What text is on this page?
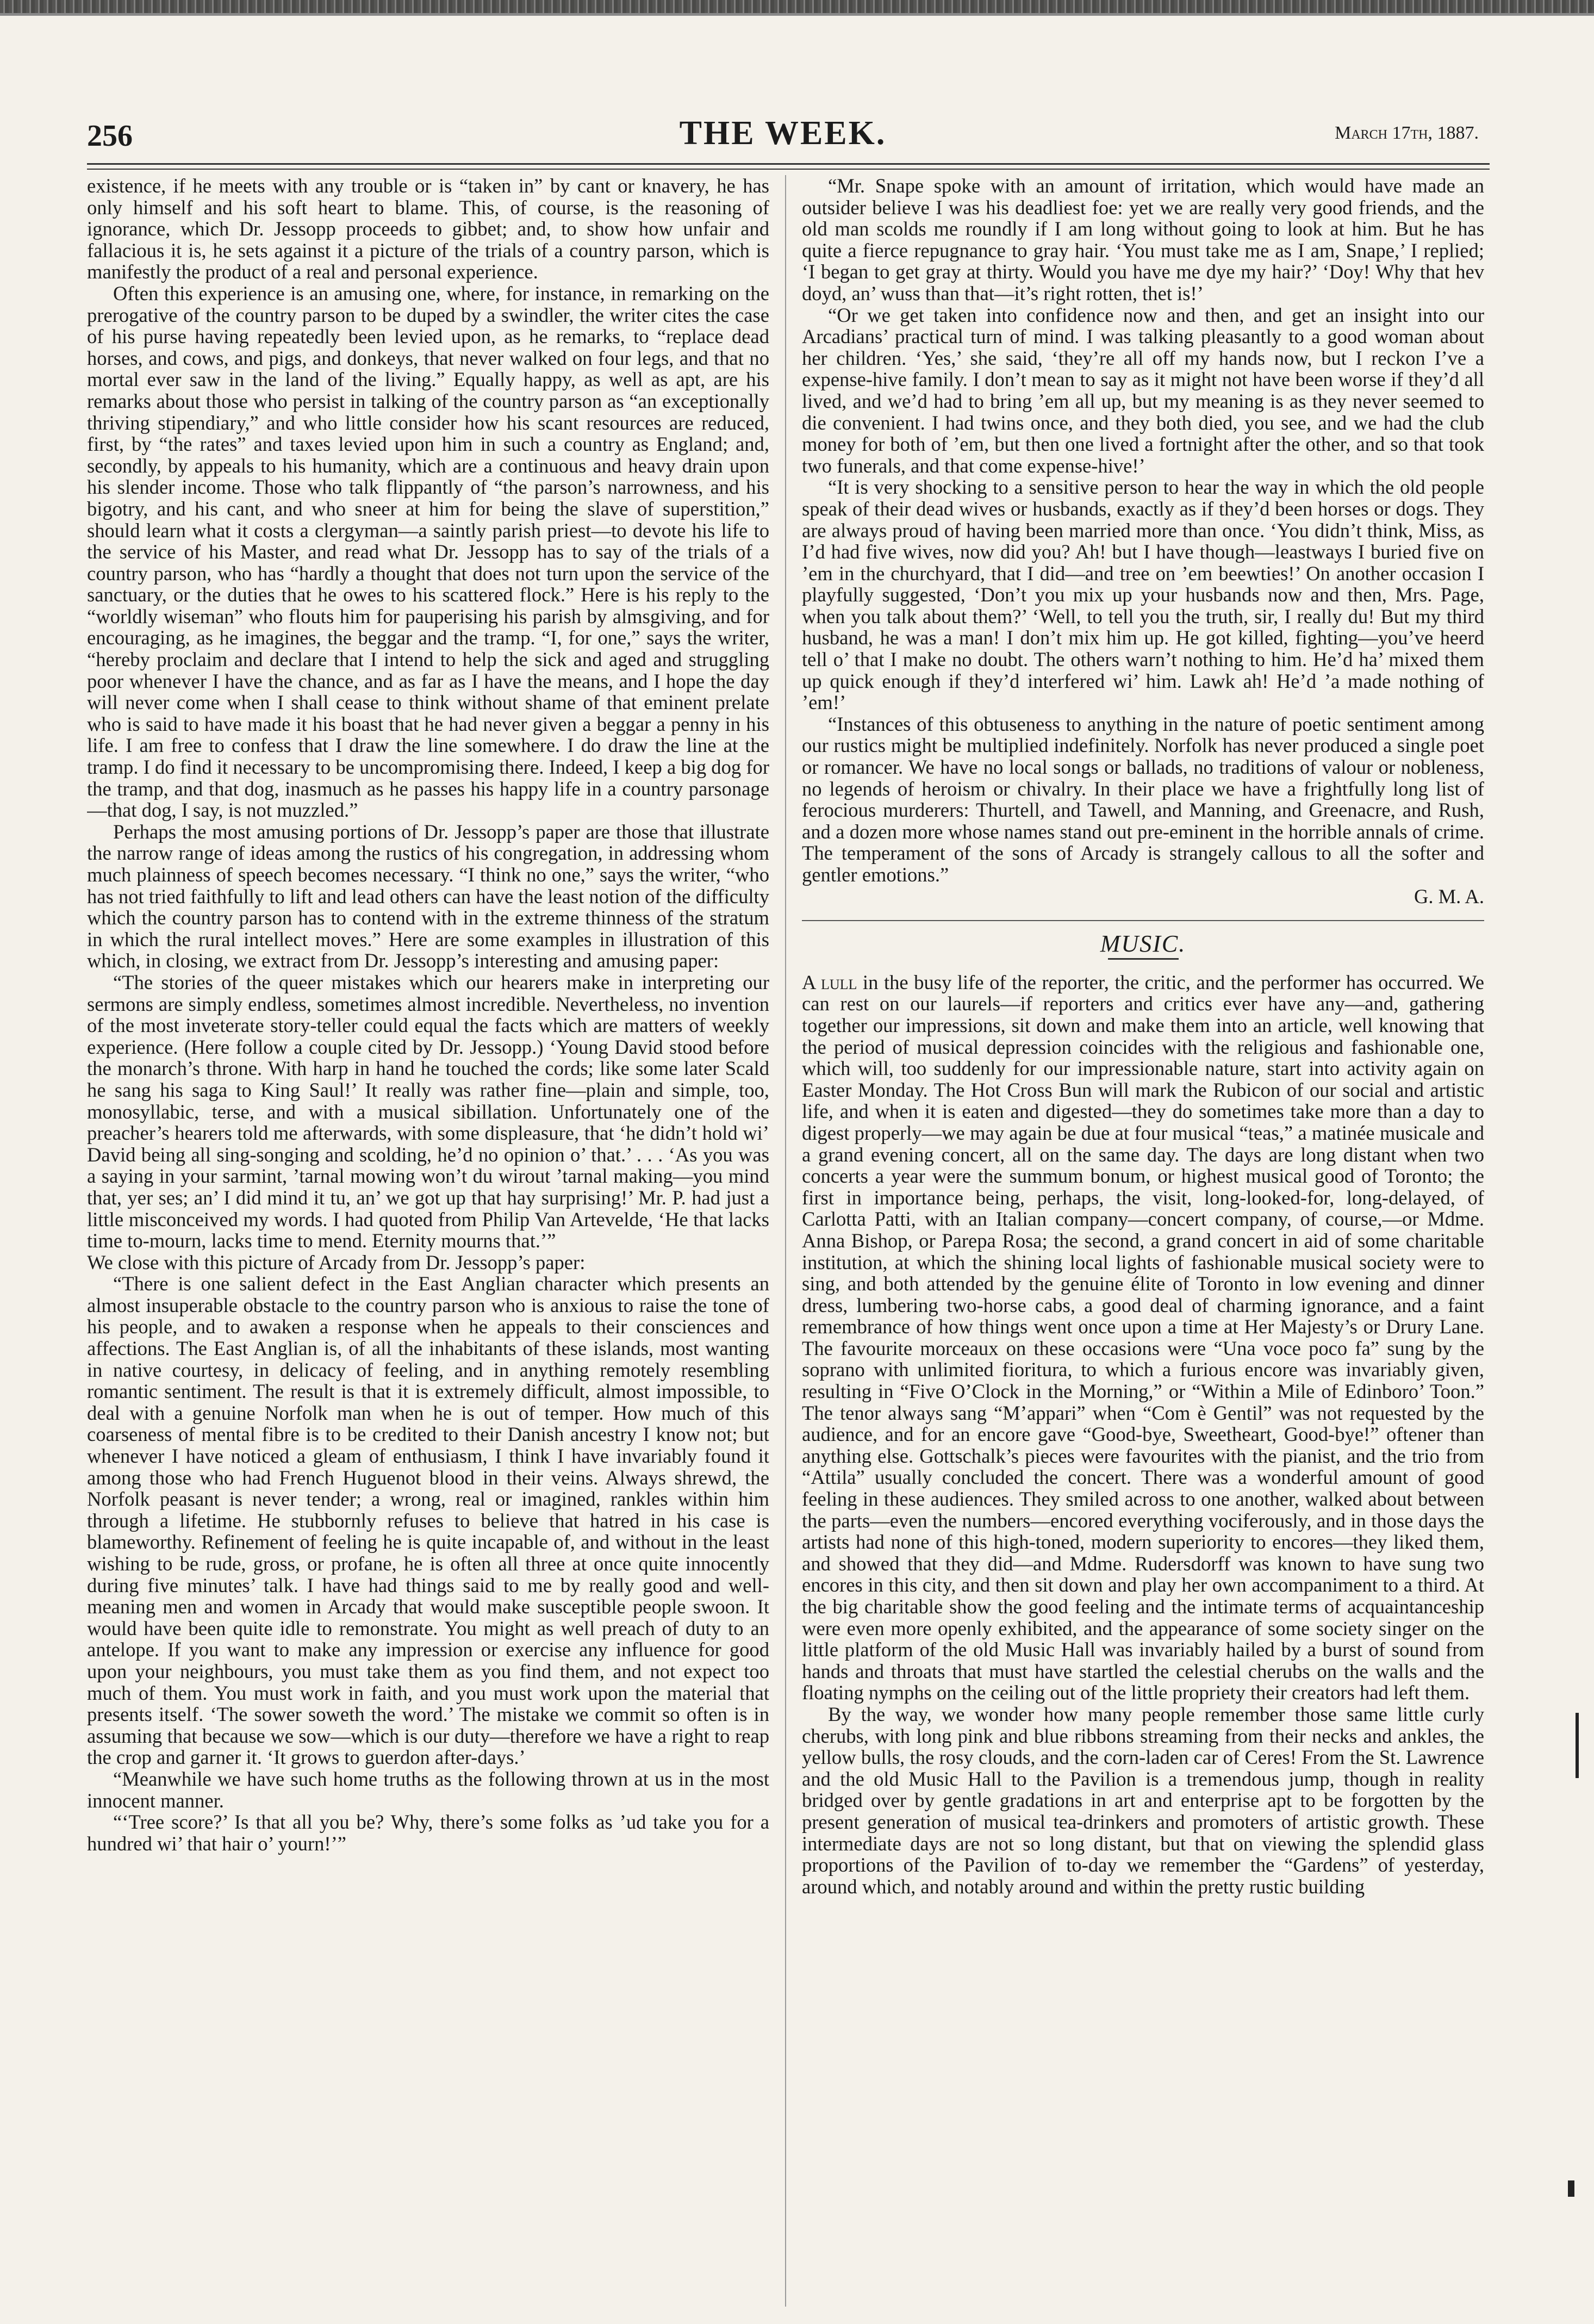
256	THE WEEK.	March 17th, 1887.

existence, if he meets with any trouble or is “taken in” by cant or knavery, he has only himself and his soft heart to blame. This, of course, is the reasoning of ignorance, which Dr. Jessopp proceeds to gibbet; and, to show how unfair and fallacious it is, he sets against it a picture of the trials of a country parson, which is manifestly the product of a real and personal experience.

Often this experience is an amusing one, where, for instance, in remarking on the prerogative of the country parson to be duped by a swindler, the writer cites the case of his purse having repeatedly been levied upon, as he remarks, to “replace dead horses, and cows, and pigs, and donkeys, that never walked on four legs, and that no mortal ever saw in the land of the living.” Equally happy, as well as apt, are his remarks about those who persist in talking of the country parson as “an exceptionally thriving stipendiary,” and who little consider how his scant resources are reduced, first, by “the rates” and taxes levied upon him in such a country as England; and, secondly, by appeals to his humanity, which are a continuous and heavy drain upon his slender income. Those who talk flippantly of “the parson’s narrowness, and his bigotry, and his cant, and who sneer at him for being the slave of superstition,” should learn what it costs a clergyman—a saintly parish priest—to devote his life to the service of his Master, and read what Dr. Jessopp has to say of the trials of a country parson, who has “hardly a thought that does not turn upon the service of the sanctuary, or the duties that he owes to his scattered flock.” Here is his reply to the “worldly wiseman” who flouts him for pauperising his parish by almsgiving, and for encouraging, as he imagines, the beggar and the tramp. “I, for one,” says the writer, “hereby proclaim and declare that I intend to help the sick and aged and struggling poor whenever I have the chance, and as far as I have the means, and I hope the day will never come when I shall cease to think without shame of that eminent prelate who is said to have made it his boast that he had never given a beggar a penny in his life. I am free to confess that I draw the line somewhere. I do draw the line at the tramp. I do find it necessary to be uncompromising there. Indeed, I keep a big dog for the tramp, and that dog, inasmuch as he passes his happy life in a country parsonage—that dog, I say, is not muzzled.”

Perhaps the most amusing portions of Dr. Jessopp’s paper are those that illustrate the narrow range of ideas among the rustics of his congregation, in addressing whom much plainness of speech becomes necessary. “I think no one,” says the writer, “who has not tried faithfully to lift and lead others can have the least notion of the difficulty which the country parson has to contend with in the extreme thinness of the stratum in which the rural intellect moves.” Here are some examples in illustration of this which, in closing, we extract from Dr. Jessopp’s interesting and amusing paper:

“The stories of the queer mistakes which our hearers make in interpreting our sermons are simply endless, sometimes almost incredible. Nevertheless, no invention of the most inveterate story-teller could equal the facts which are matters of weekly experience. (Here follow a couple cited by Dr. Jessopp.) ‘Young David stood before the monarch’s throne. With harp in hand he touched the cords; like some later Scald he sang his saga to King Saul!’ It really was rather fine—plain and simple, too, monosyllabic, terse, and with a musical sibillation. Unfortunately one of the preacher’s hearers told me afterwards, with some displeasure, that ‘he didn’t hold wi’ David being all sing-songing and scolding, he’d no opinion o’ that.’ . . . ‘As you was a saying in your sarmint, ’tarnal mowing won’t du wirout ’tarnal making—you mind that, yer ses; an’ I did mind it tu, an’ we got up that hay surprising!’ Mr. P. had just a little misconceived my words. I had quoted from Philip Van Artevelde, ‘He that lacks time to-mourn, lacks time to mend. Eternity mourns that.’”

We close with this picture of Arcady from Dr. Jessopp’s paper:

“There is one salient defect in the East Anglian character which presents an almost insuperable obstacle to the country parson who is anxious to raise the tone of his people, and to awaken a response when he appeals to their consciences and affections. The East Anglian is, of all the inhabitants of these islands, most wanting in native courtesy, in delicacy of feeling, and in anything remotely resembling romantic sentiment. The result is that it is extremely difficult, almost impossible, to deal with a genuine Norfolk man when he is out of temper. How much of this coarseness of mental fibre is to be credited to their Danish ancestry I know not; but whenever I have noticed a gleam of enthusiasm, I think I have invariably found it among those who had French Huguenot blood in their veins. Always shrewd, the Norfolk peasant is never tender; a wrong, real or imagined, rankles within him through a lifetime. He stubbornly refuses to believe that hatred in his case is blameworthy. Refinement of feeling he is quite incapable of, and without in the least wishing to be rude, gross, or profane, he is often all three at once quite innocently during five minutes’ talk. I have had things said to me by really good and well-meaning men and women in Arcady that would make susceptible people swoon. It would have been quite idle to remonstrate. You might as well preach of duty to an antelope. If you want to make any impression or exercise any influence for good upon your neighbours, you must take them as you find them, and not expect too much of them. You must work in faith, and you must work upon the material that presents itself. ‘The sower soweth the word.’ The mistake we commit so often is in assuming that because we sow—which is our duty—therefore we have a right to reap the crop and garner it. ‘It grows to guerdon after-days.’

“Meanwhile we have such home truths as the following thrown at us in the most innocent manner.

“‘Tree score?’ Is that all you be? Why, there’s some folks as ’ud take you for a hundred wi’ that hair o’ yourn!’”

“Mr. Snape spoke with an amount of irritation, which would have made an outsider believe I was his deadliest foe: yet we are really very good friends, and the old man scolds me roundly if I am long without going to look at him. But he has quite a fierce repugnance to gray hair. ‘You must take me as I am, Snape,’ I replied; ‘I began to get gray at thirty. Would you have me dye my hair?’ ‘Doy! Why that hev doyd, an’ wuss than that—it’s right rotten, thet is!’

“Or we get taken into confidence now and then, and get an insight into our Arcadians’ practical turn of mind. I was talking pleasantly to a good woman about her children. ‘Yes,’ she said, ‘they’re all off my hands now, but I reckon I’ve a expense-hive family. I don’t mean to say as it might not have been worse if they’d all lived, and we’d had to bring ’em all up, but my meaning is as they never seemed to die convenient. I had twins once, and they both died, you see, and we had the club money for both of ’em, but then one lived a fortnight after the other, and so that took two funerals, and that come expense-hive!’

“It is very shocking to a sensitive person to hear the way in which the old people speak of their dead wives or husbands, exactly as if they’d been horses or dogs. They are always proud of having been married more than once. ‘You didn’t think, Miss, as I’d had five wives, now did you? Ah! but I have though—leastways I buried five on ’em in the churchyard, that I did—and tree on ’em beewties!’ On another occasion I playfully suggested, ‘Don’t you mix up your husbands now and then, Mrs. Page, when you talk about them?’ ‘Well, to tell you the truth, sir, I really du! But my third husband, he was a man! I don’t mix him up. He got killed, fighting—you’ve heerd tell o’ that I make no doubt. The others warn’t nothing to him. He’d ha’ mixed them up quick enough if they’d interfered wi’ him. Lawk ah! He’d ’a made nothing of ’em!’

“Instances of this obtuseness to anything in the nature of poetic sentiment among our rustics might be multiplied indefinitely. Norfolk has never produced a single poet or romancer. We have no local songs or ballads, no traditions of valour or nobleness, no legends of heroism or chivalry. In their place we have a frightfully long list of ferocious murderers: Thurtell, and Tawell, and Manning, and Greenacre, and Rush, and a dozen more whose names stand out pre-eminent in the horrible annals of crime. The temperament of the sons of Arcady is strangely callous to all the softer and gentler emotions.”

G. M. A.
MUSIC.

A lull in the busy life of the reporter, the critic, and the performer has occurred. We can rest on our laurels—if reporters and critics ever have any—and, gathering together our impressions, sit down and make them into an article, well knowing that the period of musical depression coincides with the religious and fashionable one, which will, too suddenly for our impressionable nature, start into activity again on Easter Monday. The Hot Cross Bun will mark the Rubicon of our social and artistic life, and when it is eaten and digested—they do sometimes take more than a day to digest properly—we may again be due at four musical “teas,” a matinée musicale and a grand evening concert, all on the same day. The days are long distant when two concerts a year were the summum bonum, or highest musical good of Toronto; the first in importance being, perhaps, the visit, long-looked-for, long-delayed, of Carlotta Patti, with an Italian company—concert company, of course,—or Mdme. Anna Bishop, or Parepa Rosa; the second, a grand concert in aid of some charitable institution, at which the shining local lights of fashionable musical society were to sing, and both attended by the genuine élite of Toronto in low evening and dinner dress, lumbering two-horse cabs, a good deal of charming ignorance, and a faint remembrance of how things went once upon a time at Her Majesty’s or Drury Lane. The favourite morceaux on these occasions were “Una voce poco fa” sung by the soprano with unlimited fioritura, to which a furious encore was invariably given, resulting in “Five O’Clock in the Morning,” or “Within a Mile of Edinboro’ Toon.” The tenor always sang “M’appari” when “Com è Gentil” was not requested by the audience, and for an encore gave “Good-bye, Sweetheart, Good-bye!” oftener than anything else. Gottschalk’s pieces were favourites with the pianist, and the trio from “Attila” usually concluded the concert. There was a wonderful amount of good feeling in these audiences. They smiled across to one another, walked about between the parts—even the numbers—encored everything vociferously, and in those days the artists had none of this high-toned, modern superiority to encores—they liked them, and showed that they did—and Mdme. Rudersdorff was known to have sung two encores in this city, and then sit down and play her own accompaniment to a third. At the big charitable show the good feeling and the intimate terms of acquaintanceship were even more openly exhibited, and the appearance of some society singer on the little platform of the old Music Hall was invariably hailed by a burst of sound from hands and throats that must have startled the celestial cherubs on the walls and the floating nymphs on the ceiling out of the little propriety their creators had left them.

By the way, we wonder how many people remember those same little curly cherubs, with long pink and blue ribbons streaming from their necks and ankles, the yellow bulls, the rosy clouds, and the corn-laden car of Ceres! From the St. Lawrence and the old Music Hall to the Pavilion is a tremendous jump, though in reality bridged over by gentle gradations in art and enterprise apt to be forgotten by the present generation of musical tea-drinkers and promoters of artistic growth. These intermediate days are not so long distant, but that on viewing the splendid glass proportions of the Pavilion of to-day we remember the “Gardens” of yesterday, around which, and notably around and within the pretty rustic building
